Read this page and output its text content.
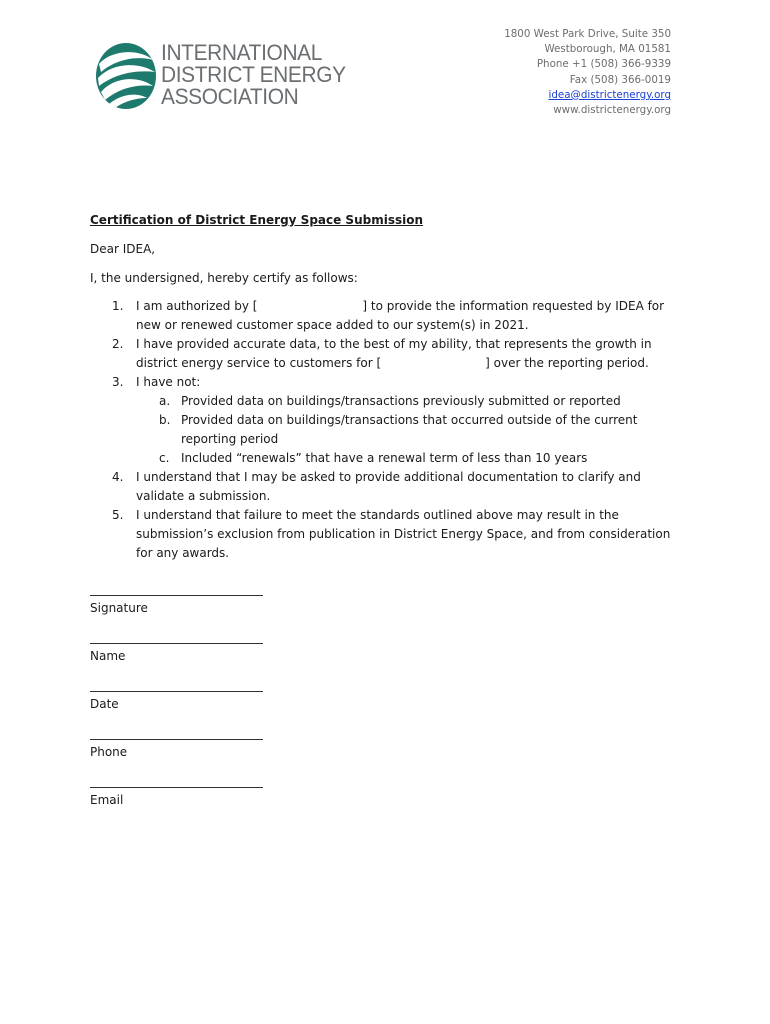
INTERNATIONAL
DISTRICT ENERGY
ASSOCIATION
1800 West Park Drive, Suite 350
Westborough, MA 01581
Phone +1 (508) 366-9339
Fax (508) 366-0019
idea@districtenergy.org
www.districtenergy.org

Certification of District Energy Space Submission

Dear IDEA,

I, the undersigned, hereby certify as follows:

1. I am authorized by [	] to provide the information requested by IDEA for new or renewed customer space added to our system(s) in 2021.
2. I have provided accurate data, to the best of my ability, that represents the growth in district energy service to customers for [	] over the reporting period.
3. I have not:
a. Provided data on buildings/transactions previously submitted or reported
b. Provided data on buildings/transactions that occurred outside of the current reporting period
c. Included “renewals” that have a renewal term of less than 10 years
4. I understand that I may be asked to provide additional documentation to clarify and validate a submission.
5. I understand that failure to meet the standards outlined above may result in the submission’s exclusion from publication in District Energy Space, and from consideration for any awards.
Signature
Name
Date
Phone
Email
